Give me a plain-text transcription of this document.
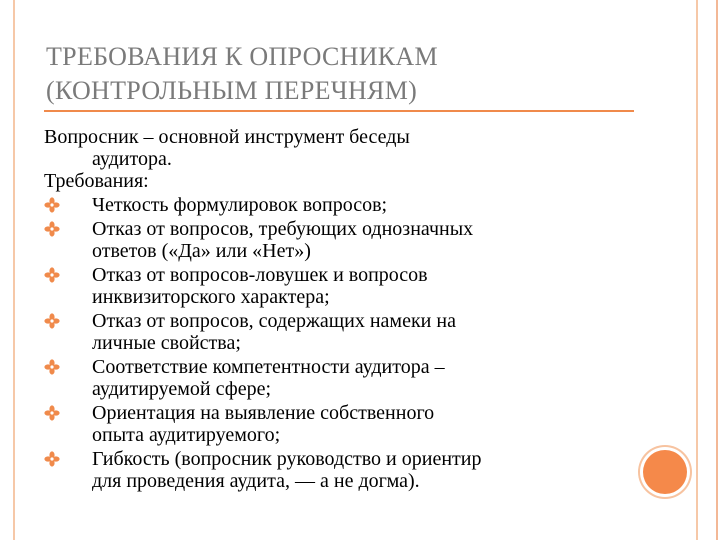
ТРЕБОВАНИЯ К ОПРОСНИКАМ
(КОНТРОЛЬНЫМ ПЕРЕЧНЯМ)
Вопросник – основной инструмент беседы
аудитора.
Требования:
Четкость формулировок вопросов;
Отказ от вопросов, требующих однозначных
ответов («Да» или «Нет»)
Отказ от вопросов-ловушек и вопросов
инквизиторского характера;
Отказ от вопросов, содержащих намеки на
личные свойства;
Соответствие компетентности аудитора –
аудитируемой сфере;
Ориентация на выявление собственного
опыта аудитируемого;
Гибкость (вопросник руководство и ориентир
для проведения аудита, — а не догма).
